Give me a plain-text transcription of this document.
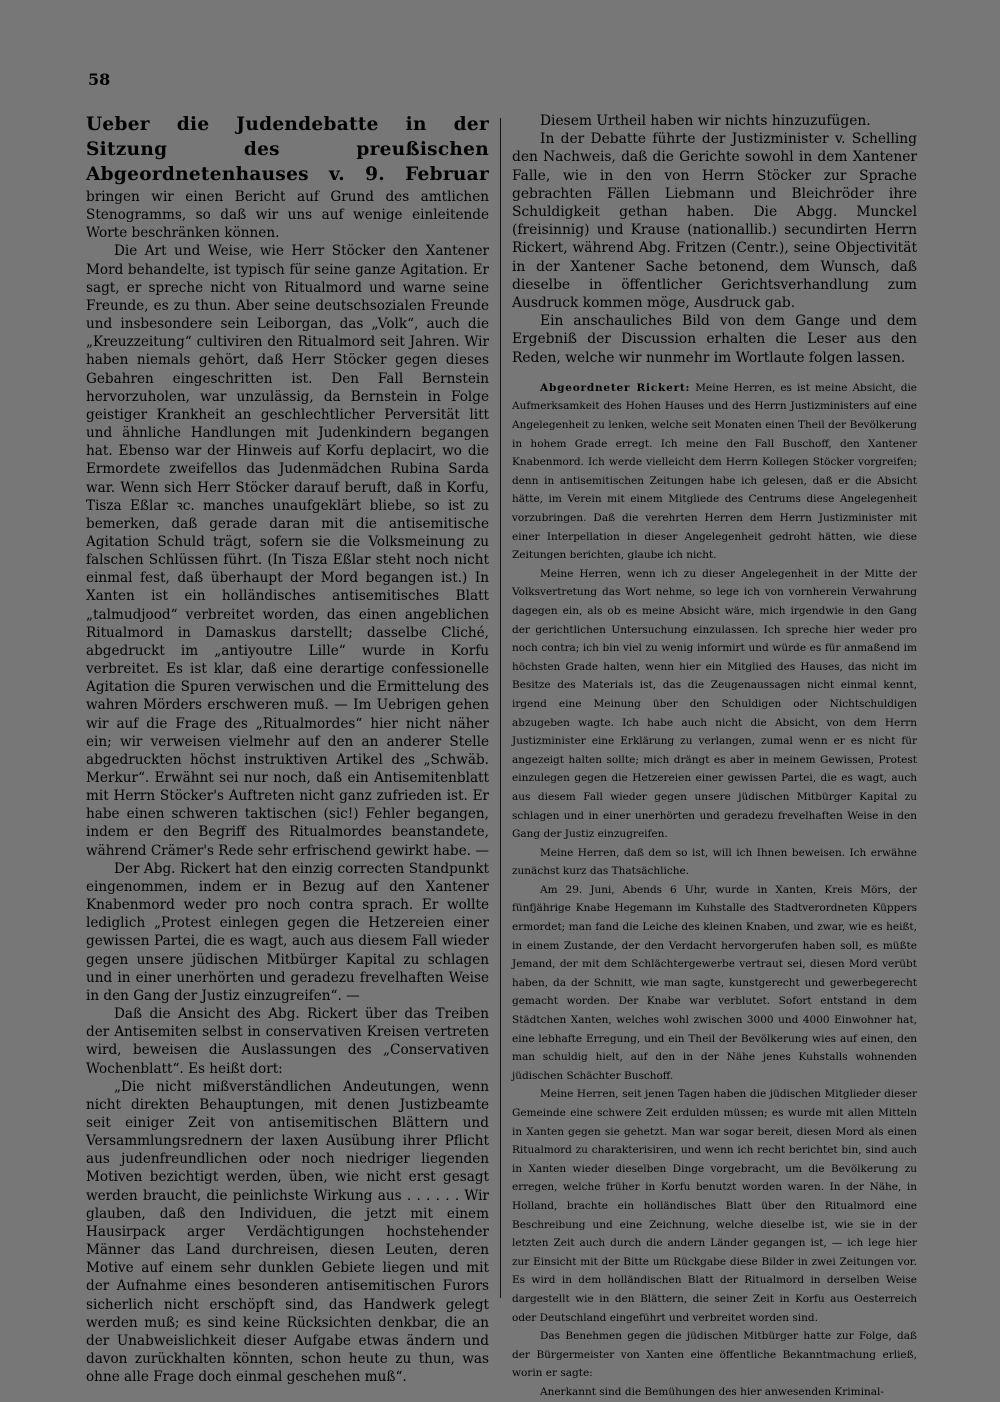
58
Ueber die Judendebatte in der Sitzung des preußischen Abgeordnetenhauses v. 9. Februar

bringen wir einen Bericht auf Grund des amtlichen Stenogramms, so daß wir uns auf wenige einleitende Worte beschränken können.

Die Art und Weise, wie Herr Stöcker den Xantener Mord behandelte, ist typisch für seine ganze Agitation. Er sagt, er spreche nicht von Ritualmord und warne seine Freunde, es zu thun. Aber seine deutschsozialen Freunde und insbesondere sein Leiborgan, das „Volk“, auch die „Kreuzzeitung“ cultiviren den Ritualmord seit Jahren. Wir haben niemals gehört, daß Herr Stöcker gegen dieses Gebahren eingeschritten ist. Den Fall Bernstein hervorzuholen, war unzulässig, da Bernstein in Folge geistiger Krankheit an geschlechtlicher Perversität litt und ähnliche Handlungen mit Judenkindern begangen hat. Ebenso war der Hinweis auf Korfu deplacirt, wo die Ermordete zweifellos das Judenmädchen Rubina Sarda war. Wenn sich Herr Stöcker darauf beruft, daß in Korfu, Tisza Eßlar ꝛc. manches unaufgeklärt bliebe, so ist zu bemerken, daß gerade daran mit die antisemitische Agitation Schuld trägt, sofern sie die Volksmeinung zu falschen Schlüssen führt. (In Tisza Eßlar steht noch nicht einmal fest, daß überhaupt der Mord begangen ist.) In Xanten ist ein holländisches antisemitisches Blatt „talmudjood“ verbreitet worden, das einen angeblichen Ritualmord in Damaskus darstellt; dasselbe Cliché, abgedruckt im „antiyoutre Lille“ wurde in Korfu verbreitet. Es ist klar, daß eine derartige confessionelle Agitation die Spuren verwischen und die Ermittelung des wahren Mörders erschweren muß. — Im Uebrigen gehen wir auf die Frage des „Ritualmordes“ hier nicht näher ein; wir verweisen vielmehr auf den an anderer Stelle abgedruckten höchst instruktiven Artikel des „Schwäb. Merkur“. Erwähnt sei nur noch, daß ein Antisemitenblatt mit Herrn Stöcker's Auftreten nicht ganz zufrieden ist. Er habe einen schweren taktischen (sic!) Fehler begangen, indem er den Begriff des Ritualmordes beanstandete, während Crämer's Rede sehr erfrischend gewirkt habe. —

Der Abg. Rickert hat den einzig correcten Standpunkt eingenommen, indem er in Bezug auf den Xantener Knabenmord weder pro noch contra sprach. Er wollte lediglich „Protest einlegen gegen die Hetzereien einer gewissen Partei, die es wagt, auch aus diesem Fall wieder gegen unsere jüdischen Mitbürger Kapital zu schlagen und in einer unerhörten und geradezu frevelhaften Weise in den Gang der Justiz einzugreifen“. —

Daß die Ansicht des Abg. Rickert über das Treiben der Antisemiten selbst in conservativen Kreisen vertreten wird, beweisen die Auslassungen des „Conservativen Wochenblatt“. Es heißt dort:

„Die nicht mißverständlichen Andeutungen, wenn nicht direkten Behauptungen, mit denen Justizbeamte seit einiger Zeit von antisemitischen Blättern und Versammlungsrednern der laxen Ausübung ihrer Pflicht aus judenfreundlichen oder noch niedriger liegenden Motiven bezichtigt werden, üben, wie nicht erst gesagt werden braucht, die peinlichste Wirkung aus . . . . . . Wir glauben, daß den Individuen, die jetzt mit einem Hausirpack arger Verdächtigungen hochstehender Männer das Land durchreisen, diesen Leuten, deren Motive auf einem sehr dunklen Gebiete liegen und mit der Aufnahme eines besonderen antisemitischen Furors sicherlich nicht erschöpft sind, das Handwerk gelegt werden muß; es sind keine Rücksichten denkbar, die an der Unabweislichkeit dieser Aufgabe etwas ändern und davon zurückhalten könnten, schon heute zu thun, was ohne alle Frage doch einmal geschehen muß“.

Diesem Urtheil haben wir nichts hinzuzufügen.

In der Debatte führte der Justizminister v. Schelling den Nachweis, daß die Gerichte sowohl in dem Xantener Falle, wie in den von Herrn Stöcker zur Sprache gebrachten Fällen Liebmann und Bleichröder ihre Schuldigkeit gethan haben. Die Abgg. Munckel (freisinnig) und Krause (nationallib.) secundirten Herrn Rickert, während Abg. Fritzen (Centr.), seine Objectivität in der Xantener Sache betonend, dem Wunsch, daß dieselbe in öffentlicher Gerichtsverhandlung zum Ausdruck kommen möge, Ausdruck gab.

Ein anschauliches Bild von dem Gange und dem Ergebniß der Discussion erhalten die Leser aus den Reden, welche wir nunmehr im Wortlaute folgen lassen.

Abgeordneter Rickert: Meine Herren, es ist meine Absicht, die Aufmerksamkeit des Hohen Hauses und des Herrn Justizministers auf eine Angelegenheit zu lenken, welche seit Monaten einen Theil der Bevölkerung in hohem Grade erregt. Ich meine den Fall Buschoff, den Xantener Knabenmord. Ich werde vielleicht dem Herrn Kollegen Stöcker vorgreifen; denn in antisemitischen Zeitungen habe ich gelesen, daß er die Absicht hätte, im Verein mit einem Mitgliede des Centrums diese Angelegenheit vorzubringen. Daß die verehrten Herren dem Herrn Justizminister mit einer Interpellation in dieser Angelegenheit gedroht hätten, wie diese Zeitungen berichten, glaube ich nicht.

Meine Herren, wenn ich zu dieser Angelegenheit in der Mitte der Volksvertretung das Wort nehme, so lege ich von vornherein Verwahrung dagegen ein, als ob es meine Absicht wäre, mich irgendwie in den Gang der gerichtlichen Untersuchung einzulassen. Ich spreche hier weder pro noch contra; ich bin viel zu wenig informirt und würde es für anmaßend im höchsten Grade halten, wenn hier ein Mitglied des Hauses, das nicht im Besitze des Materials ist, das die Zeugenaussagen nicht einmal kennt, irgend eine Meinung über den Schuldigen oder Nichtschuldigen abzugeben wagte. Ich habe auch nicht die Absicht, von dem Herrn Justizminister eine Erklärung zu verlangen, zumal wenn er es nicht für angezeigt halten sollte; mich drängt es aber in meinem Gewissen, Protest einzulegen gegen die Hetzereien einer gewissen Partei, die es wagt, auch aus diesem Fall wieder gegen unsere jüdischen Mitbürger Kapital zu schlagen und in einer unerhörten und geradezu frevelhaften Weise in den Gang der Justiz einzugreifen.

Meine Herren, daß dem so ist, will ich Ihnen beweisen. Ich erwähne zunächst kurz das Thatsächliche.

Am 29. Juni, Abends 6 Uhr, wurde in Xanten, Kreis Mörs, der fünfjährige Knabe Hegemann im Kuhstalle des Stadtverordneten Küppers ermordet; man fand die Leiche des kleinen Knaben, und zwar, wie es heißt, in einem Zustande, der den Verdacht hervorgerufen haben soll, es müßte Jemand, der mit dem Schlächtergewerbe vertraut sei, diesen Mord verübt haben, da der Schnitt, wie man sagte, kunstgerecht und gewerbegerecht gemacht worden. Der Knabe war verblutet. Sofort entstand in dem Städtchen Xanten, welches wohl zwischen 3000 und 4000 Einwohner hat, eine lebhafte Erregung, und ein Theil der Bevölkerung wies auf einen, den man schuldig hielt, auf den in der Nähe jenes Kuhstalls wohnenden jüdischen Schächter Buschoff.

Meine Herren, seit jenen Tagen haben die jüdischen Mitglieder dieser Gemeinde eine schwere Zeit erdulden müssen; es wurde mit allen Mitteln in Xanten gegen sie gehetzt. Man war sogar bereit, diesen Mord als einen Ritualmord zu charakterisiren, und wenn ich recht berichtet bin, sind auch in Xanten wieder dieselben Dinge vorgebracht, um die Bevölkerung zu erregen, welche früher in Korfu benutzt worden waren. In der Nähe, in Holland, brachte ein holländisches Blatt über den Ritualmord eine Beschreibung und eine Zeichnung, welche dieselbe ist, wie sie in der letzten Zeit auch durch die andern Länder gegangen ist, — ich lege hier zur Einsicht mit der Bitte um Rückgabe diese Bilder in zwei Zeitungen vor. Es wird in dem holländischen Blatt der Ritualmord in derselben Weise dargestellt wie in den Blättern, die seiner Zeit in Korfu aus Oesterreich oder Deutschland eingeführt und verbreitet worden sind.

Das Benehmen gegen die jüdischen Mitbürger hatte zur Folge, daß der Bürgermeister von Xanten eine öffentliche Bekanntmachung erließ, worin er sagte:

Anerkannt sind die Bemühungen des hier anwesenden Kriminal-
